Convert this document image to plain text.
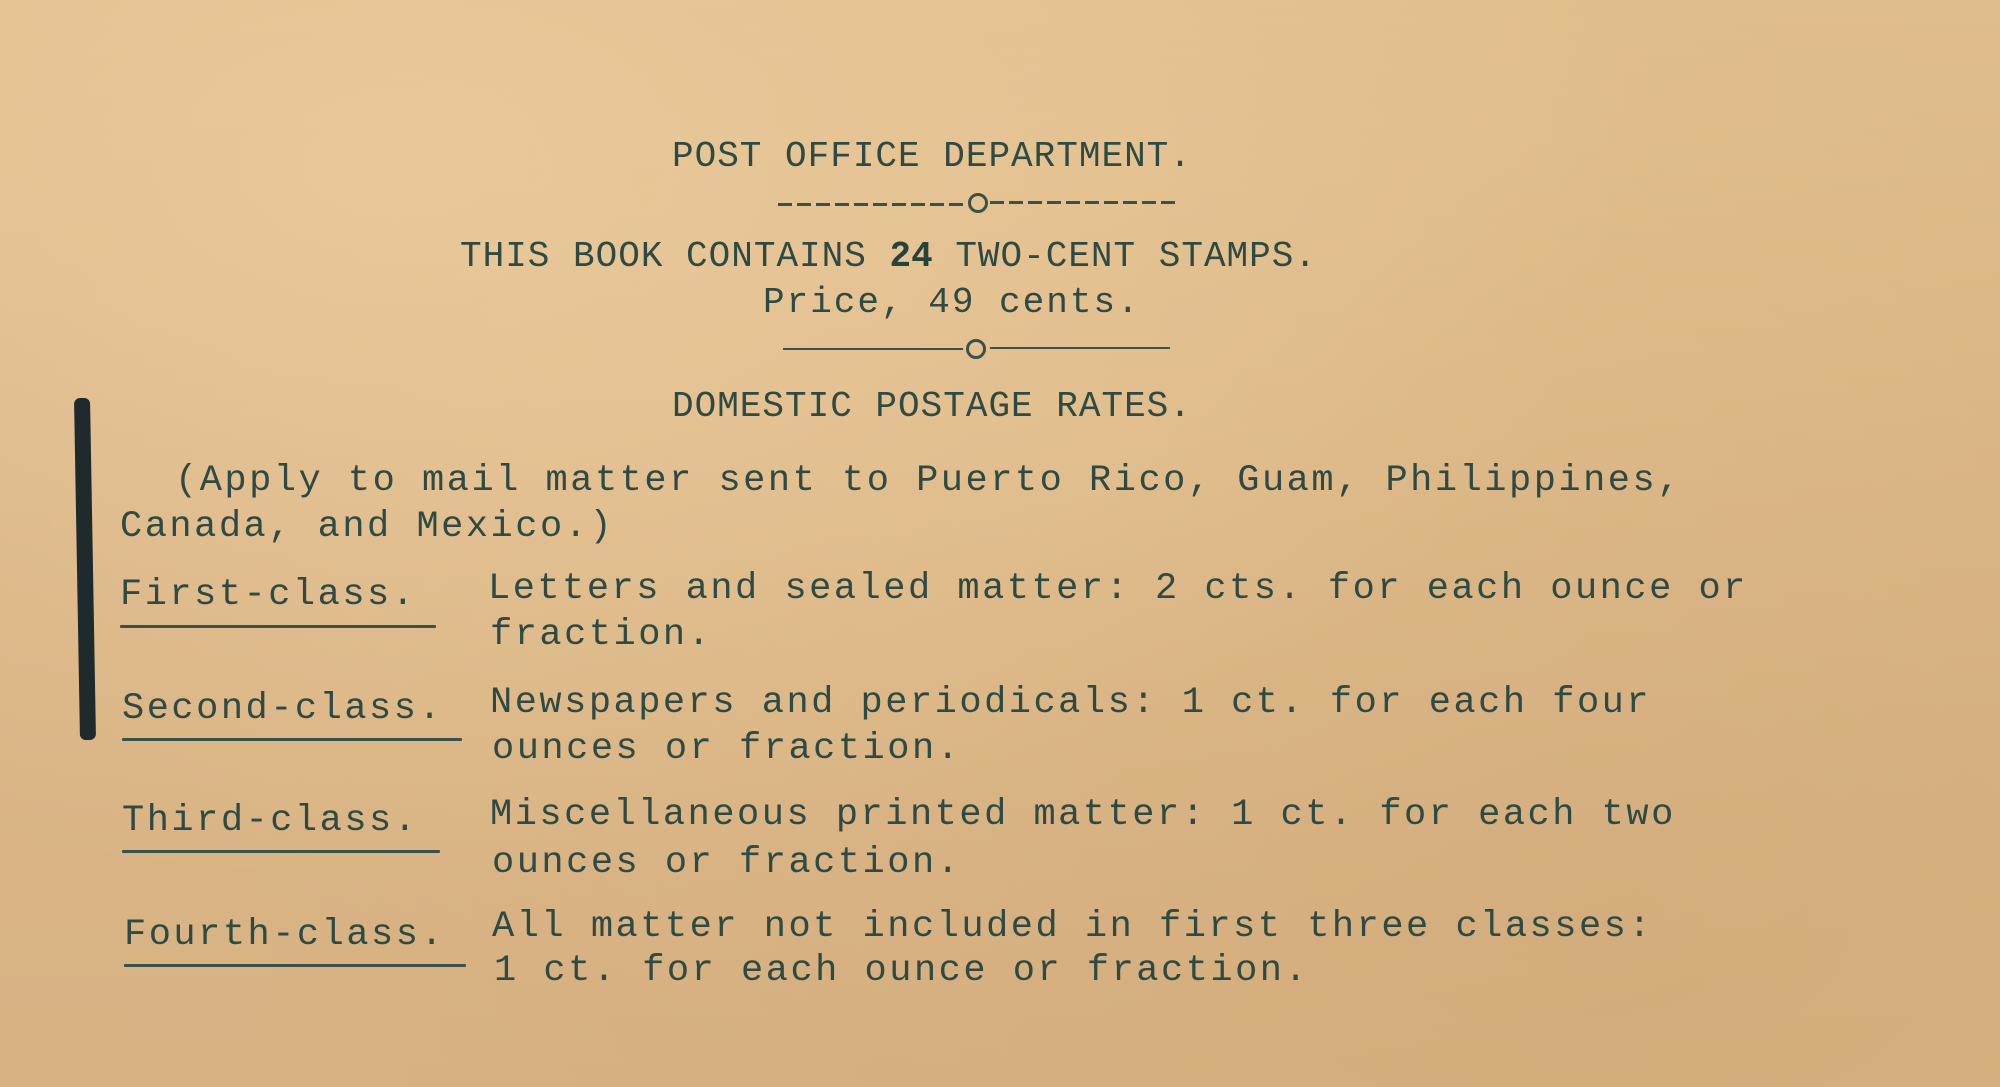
POST OFFICE DEPARTMENT.
THIS BOOK CONTAINS 24 TWO-CENT STAMPS.
Price, 49 cents.
DOMESTIC POSTAGE RATES.
(Apply to mail matter sent to Puerto Rico, Guam, Philippines,
Canada, and Mexico.)
First-class. Letters and sealed matter: 2 cts. for each ounce or
fraction.
Second-class. Newspapers and periodicals: 1 ct. for each four
ounces or fraction.
Third-class. Miscellaneous printed matter: 1 ct. for each two
ounces or fraction.
Fourth-class. All matter not included in first three classes:
1 ct. for each ounce or fraction.
